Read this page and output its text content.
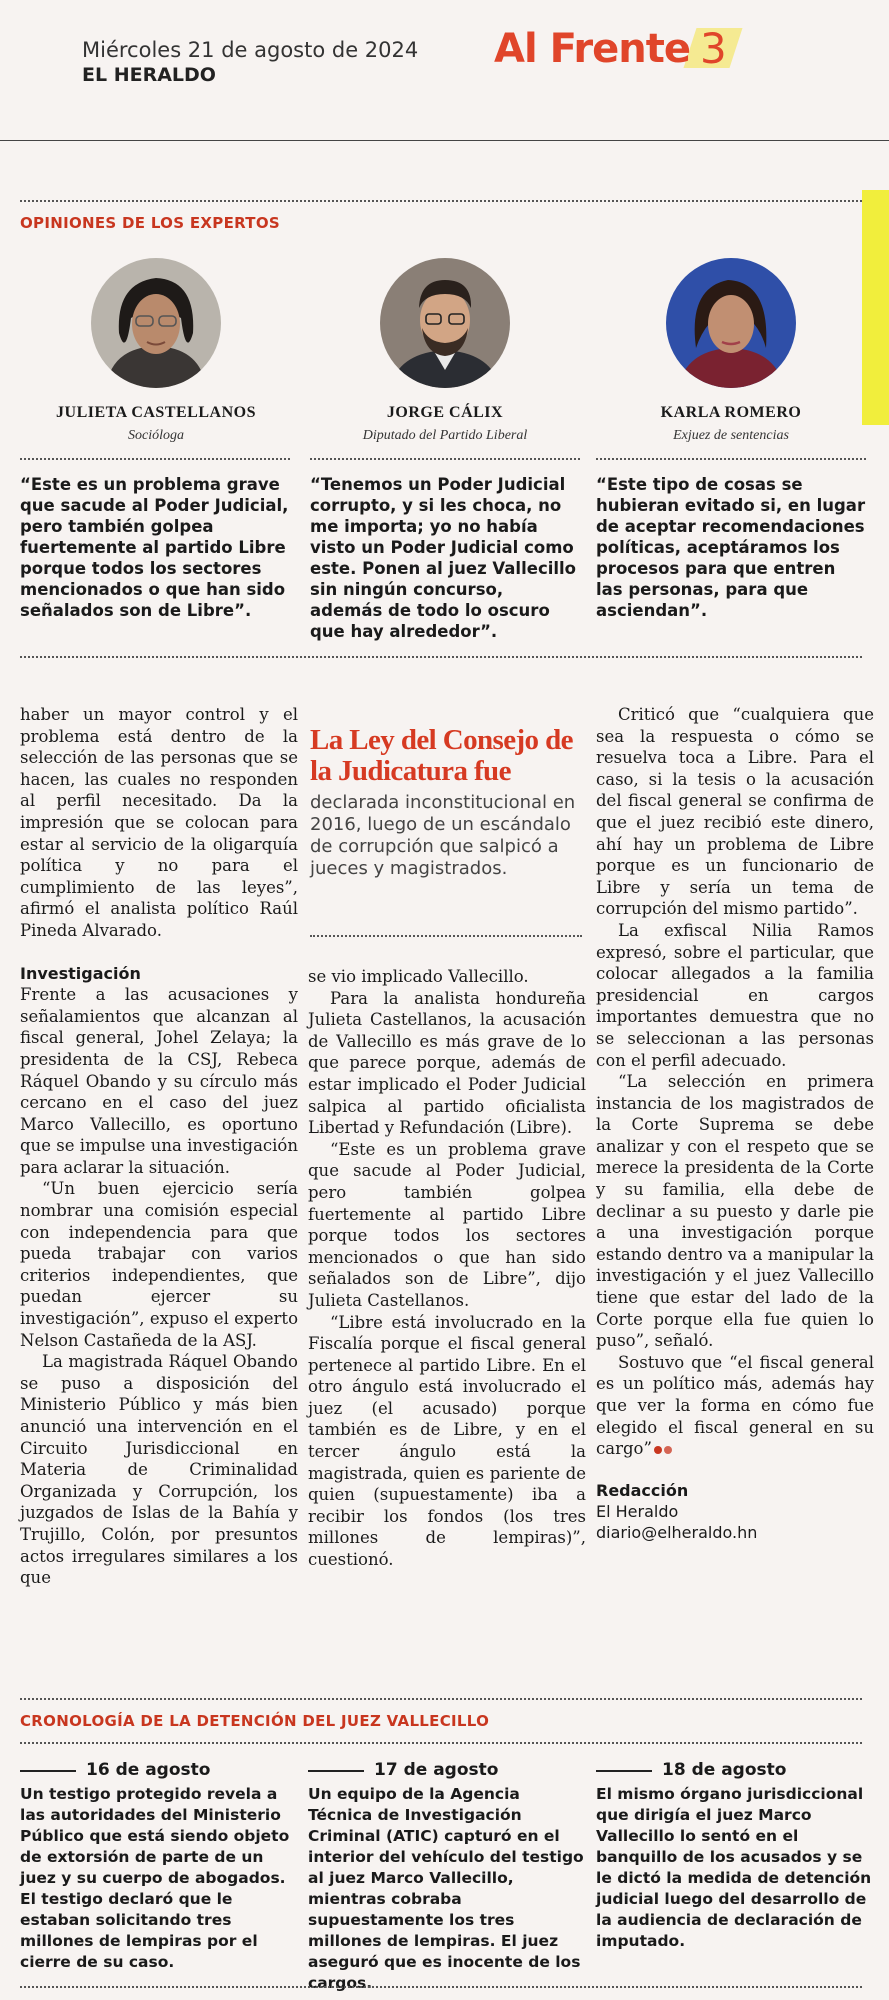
Miércoles 21 de agosto de 2024
EL HERALDO
Al Frente 3
OPINIONES DE LOS EXPERTOS
JULIETA CASTELLANOS
Socióloga
JORGE CÁLIX
Diputado del Partido Liberal
KARLA ROMERO
Exjuez de sentencias
“Este es un problema grave que sacude al Poder Judicial, pero también golpea fuertemente al partido Libre porque todos los sectores mencionados o que han sido señalados son de Libre”.
“Tenemos un Poder Judicial corrupto, y si les choca, no me importa; yo no había visto un Poder Judicial como este. Ponen al juez Vallecillo sin ningún concurso, además de todo lo oscuro que hay alrededor”.
“Este tipo de cosas se hubieran evitado si, en lugar de aceptar recomendaciones políticas, aceptáramos los procesos para que entren las personas, para que asciendan”.

haber un mayor control y el problema está dentro de la selección de las personas que se hacen, las cuales no responden al perfil necesitado. Da la impresión que se colocan para estar al servicio de la oligarquía política y no para el cumplimiento de las leyes”, afirmó el analista político Raúl Pineda Alvarado.

Investigación

Frente a las acusaciones y señalamientos que alcanzan al fiscal general, Johel Zelaya; la presidenta de la CSJ, Rebeca Ráquel Obando y su círculo más cercano en el caso del juez Marco Vallecillo, es oportuno que se impulse una investigación para aclarar la situación.

“Un buen ejercicio sería nombrar una comisión especial con independencia para que pueda trabajar con varios criterios independientes, que puedan ejercer su investigación”, expuso el experto Nelson Castañeda de la ASJ.

La magistrada Ráquel Obando se puso a disposición del Ministerio Público y más bien anunció una intervención en el Circuito Jurisdiccional en Materia de Criminalidad Organizada y Corrupción, los juzgados de Islas de la Bahía y Trujillo, Colón, por presuntos actos irregulares similares a los que

La Ley del Consejo de la Judicatura fue
declarada inconstitucional en 2016, luego de un escándalo de corrupción que salpicó a jueces y magistrados.

se vio implicado Vallecillo.

Para la analista hondureña Julieta Castellanos, la acusación de Vallecillo es más grave de lo que parece porque, además de estar implicado el Poder Judicial salpica al partido oficialista Libertad y Refundación (Libre).

“Este es un problema grave que sacude al Poder Judicial, pero también golpea fuertemente al partido Libre porque todos los sectores mencionados o que han sido señalados son de Libre”, dijo Julieta Castellanos.

“Libre está involucrado en la Fiscalía porque el fiscal general pertenece al partido Libre. En el otro ángulo está involucrado el juez (el acusado) porque también es de Libre, y en el tercer ángulo está la magistrada, quien es pariente de quien (supuestamente) iba a recibir los fondos (los tres millones de lempiras)”, cuestionó.

Criticó que “cualquiera que sea la respuesta o cómo se resuelva toca a Libre. Para el caso, si la tesis o la acusación del fiscal general se confirma de que el juez recibió este dinero, ahí hay un problema de Libre porque es un funcionario de Libre y sería un tema de corrupción del mismo partido”.

La exfiscal Nilia Ramos expresó, sobre el particular, que colocar allegados a la familia presidencial en cargos importantes demuestra que no se seleccionan a las personas con el perfil adecuado.

“La selección en primera instancia de los magistrados de la Corte Suprema se debe analizar y con el respeto que se merece la presidenta de la Corte y su familia, ella debe de declinar a su puesto y darle pie a una investigación porque estando dentro va a manipular la investigación y el juez Vallecillo tiene que estar del lado de la Corte porque ella fue quien lo puso”, señaló.

Sostuvo que “el fiscal general es un político más, además hay que ver la forma en cómo fue elegido el fiscal general en su cargo”

Redacción
El Heraldo
diario@elheraldo.hn
CRONOLOGÍA DE LA DETENCIÓN DEL JUEZ VALLECILLO
16 de agosto
Un testigo protegido revela a las autoridades del Ministerio Público que está siendo objeto de extorsión de parte de un juez y su cuerpo de abogados. El testigo declaró que le estaban solicitando tres millones de lempiras por el cierre de su caso.
17 de agosto
Un equipo de la Agencia Técnica de Investigación Criminal (ATIC) capturó en el interior del vehículo del testigo al juez Marco Vallecillo, mientras cobraba supuestamente los tres millones de lempiras. El juez aseguró que es inocente de los cargos.
18 de agosto
El mismo órgano jurisdiccional que dirigía el juez Marco Vallecillo lo sentó en el banquillo de los acusados y se le dictó la medida de detención judicial luego del desarrollo de la audiencia de declaración de imputado.
